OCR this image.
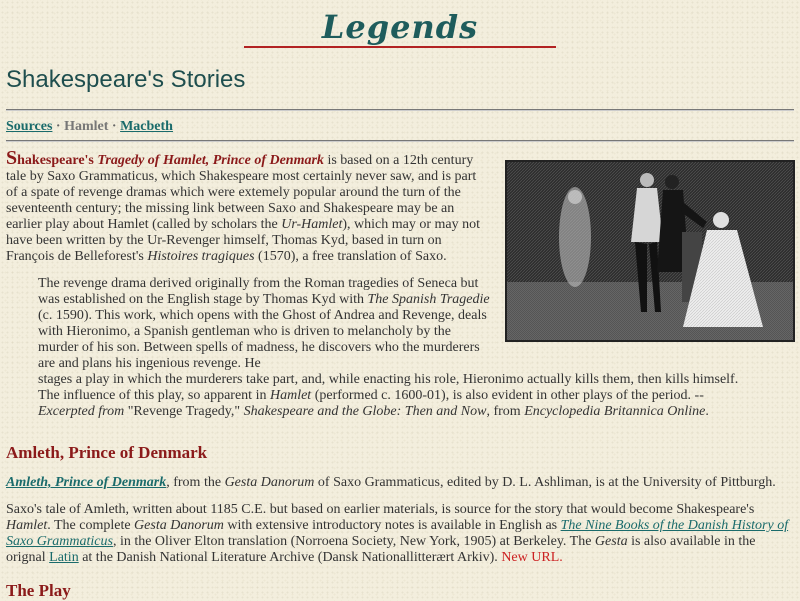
Legends
Shakespeare's Stories
Sources · Hamlet · Macbeth
Shakespeare's Tragedy of Hamlet, Prince of Denmark is based on a 12th century tale by Saxo Grammaticus, which Shakespeare most certainly never saw, and is part of a spate of revenge dramas which were extemely popular around the turn of the seventeenth century; the missing link between Saxo and Shakespeare may be an earlier play about Hamlet (called by scholars the Ur-Hamlet), which may or may not have been written by the Ur-Revenger himself, Thomas Kyd, based in turn on François de Belleforest's Histoires tragiques (1570), a free translation of Saxo.
The revenge drama derived originally from the Roman tragedies of Seneca but was established on the English stage by Thomas Kyd with The Spanish Tragedie (c. 1590). This work, which opens with the Ghost of Andrea and Revenge, deals with Hieronimo, a Spanish gentleman who is driven to melancholy by the murder of his son. Between spells of madness, he discovers who the murderers are and plans his ingenious revenge. He
stages a play in which the murderers take part, and, while enacting his role, Hieronimo actually kills them, then kills himself. The influence of this play, so apparent in Hamlet (performed c. 1600-01), is also evident in other plays of the period. -- Excerpted from "Revenge Tragedy," Shakespeare and the Globe: Then and Now, from Encyclopedia Britannica Online.
Amleth, Prince of Denmark
Amleth, Prince of Denmark, from the Gesta Danorum of Saxo Grammaticus, edited by D. L. Ashliman, is at the University of Pittburgh.
Saxo's tale of Amleth, written about 1185 C.E. but based on earlier materials, is source for the story that would become Shakespeare's Hamlet. The complete Gesta Danorum with extensive introductory notes is available in English as The Nine Books of the Danish History of Saxo Grammaticus, in the Oliver Elton translation (Norroena Society, New York, 1905) at Berkeley. The Gesta is also available in the orignal Latin at the Danish National Literature Archive (Dansk Nationallitterært Arkiv). New URL.
The Play
